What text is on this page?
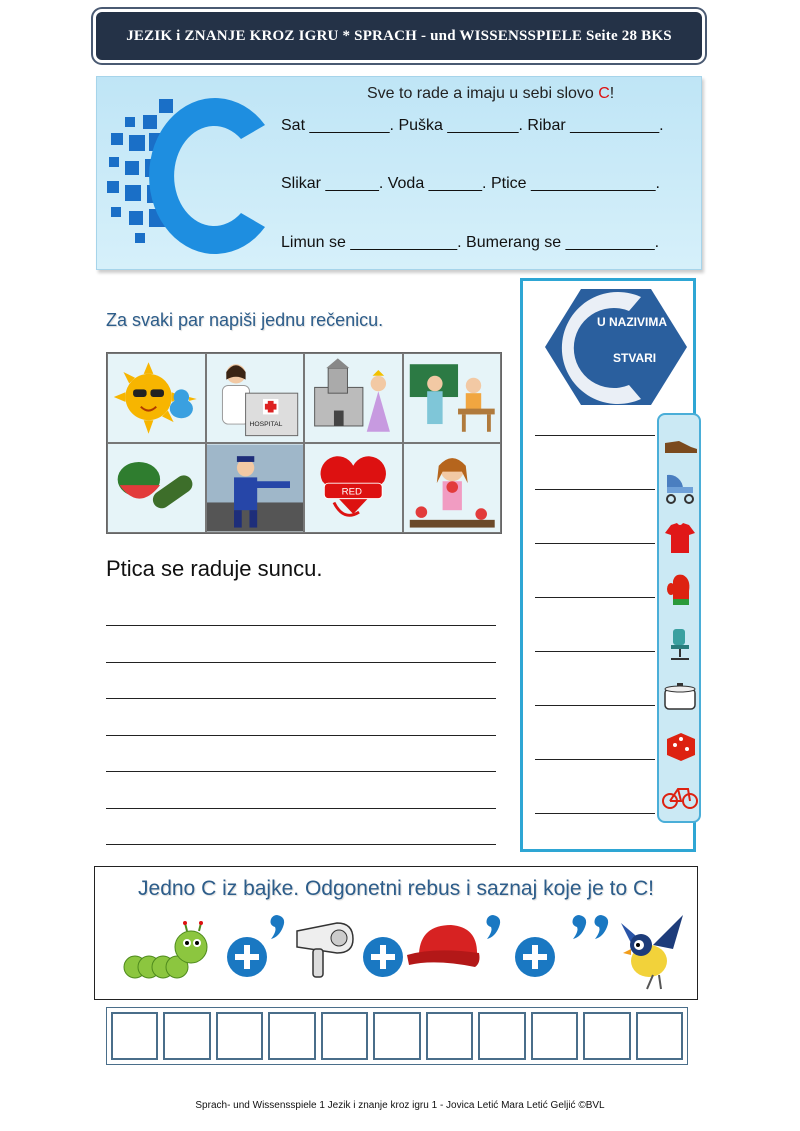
JEZIK i ZNANJE KROZ IGRU * SPRACH - und WISSENSSPIELE Seite 28 BKS
Sve to rade a imaju u sebi slovo C!
Sat _________. Puška ________. Ribar __________.
Slikar ______. Voda ______. Ptice ______________.
Limun se ____________. Bumerang se __________.
Za svaki par napiši jednu rečenicu.
HOSPITAL
RED
Ptica se raduje suncu.
U NAZIVIMA
STVARI
Jedno C iz bajke. Odgonetni rebus i saznaj koje je to C!
Sprach- und Wissensspiele 1 Jezik i znanje kroz igru 1 - Jovica Letić Mara Letić Geljić ©BVL
